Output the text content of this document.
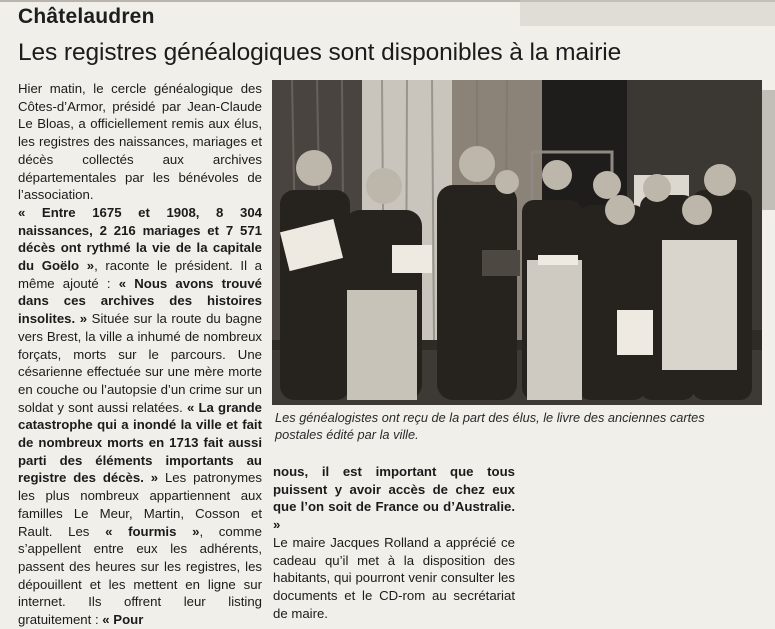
Châtelaudren
Les registres généalogiques sont disponibles à la mairie

Hier matin, le cercle généalogique des Côtes-d’Armor, présidé par Jean-Claude Le Bloas, a officiellement remis aux élus, les registres des naissances, mariages et décès collectés aux archives départementales par les bénévoles de l’association.

« Entre 1675 et 1908, 8 304 naissances, 2 216 mariages et 7 571 décès ont rythmé la vie de la capitale du Goëlo », raconte le président. Il a même ajouté : « Nous avons trouvé dans ces archives des histoires insolites. » Située sur la route du bagne vers Brest, la ville a inhumé de nombreux forçats, morts sur le parcours. Une césarienne effectuée sur une mère morte en couche ou l’autopsie d’un crime sur un soldat y sont aussi relatées. « La grande catastrophe qui a inondé la ville et fait de nombreux morts en 1713 fait aussi parti des éléments importants au registre des décès. » Les patronymes les plus nombreux appartiennent aux familles Le Meur, Martin, Cosson et Rault. Les « fourmis », comme s’appellent entre eux les adhérents, passent des heures sur les registres, les dépouillent et les mettent en ligne sur internet. Ils offrent leur listing gratuitement : « Pour

Les généalogistes ont reçu de la part des élus, le livre des anciennes cartes postales édité par la ville.

nous, il est important que tous puissent y avoir accès de chez eux que l’on soit de France ou d’Australie. »

Le maire Jacques Rolland a apprécié ce cadeau qu’il met à la disposition des habitants, qui pourront venir consulter les documents et le CD-rom au secrétariat de maire.
